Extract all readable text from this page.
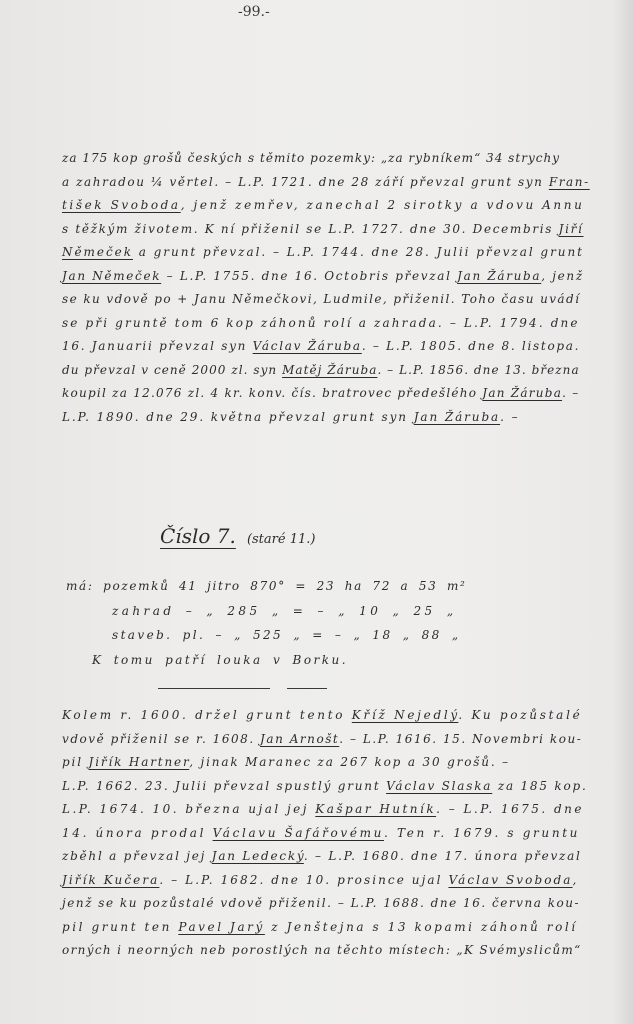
-99.-
za 175 kop grošů českých s těmito pozemky: „za rybníkem“ 34 strychy
a zahradou ¼ věrtel. – L.P. 1721. dne 28 září převzal grunt syn Fran-
tišek Svoboda, jenž zemřev, zanechal 2 sirotky a vdovu Annu
s těžkým životem. K ní přiženil se L.P. 1727. dne 30. Decembris Jiří
Němeček a grunt převzal. – L.P. 1744. dne 28. Julii převzal grunt
Jan Němeček – L.P. 1755. dne 16. Octobris převzal Jan Žáruba, jenž
se ku vdově po + Janu Němečkovi, Ludmile, přiženil. Toho času uvádí
se při gruntě tom 6 kop záhonů rolí a zahrada. – L.P. 1794. dne
16. Januarii převzal syn Václav Žáruba. – L.P. 1805. dne 8. listopa.
du převzal v ceně 2000 zl. syn Matěj Žáruba. – L.P. 1856. dne 13. března
koupil za 12.076 zl. 4 kr. konv. čís. bratrovec předešlého Jan Žáruba. –
L.P. 1890. dne 29. května převzal grunt syn Jan Žáruba. –
Číslo 7. (staré 11.)
má: pozemků 41 jitro 870° = 23 ha 72 a 53 m²
zahrad – „ 285 „ = – „ 10 „ 25 „
staveb. pl. – „ 525 „ = – „ 18 „ 88 „
K tomu patří louka v Borku.
Kolem r. 1600. držel grunt tento Kříž Nejedlý. Ku pozůstalé
vdově přiženil se r. 1608. Jan Arnošt. – L.P. 1616. 15. Novembri kou-
pil Jiřík Hartner, jinak Maranec za 267 kop a 30 grošů. –
L.P. 1662. 23. Julii převzal spustlý grunt Václav Slaska za 185 kop.
L.P. 1674. 10. března ujal jej Kašpar Hutník. – L.P. 1675. dne
14. února prodal Václavu Šafářovému. Ten r. 1679. s gruntu
zběhl a převzal jej Jan Ledecký. – L.P. 1680. dne 17. února převzal
Jiřík Kučera. – L.P. 1682. dne 10. prosince ujal Václav Svoboda,
jenž se ku pozůstalé vdově přiženil. – L.P. 1688. dne 16. června kou-
pil grunt ten Pavel Jarý z Jenštejna s 13 kopami záhonů rolí
orných i neorných neb porostlých na těchto místech: „K Svémyslicům“
